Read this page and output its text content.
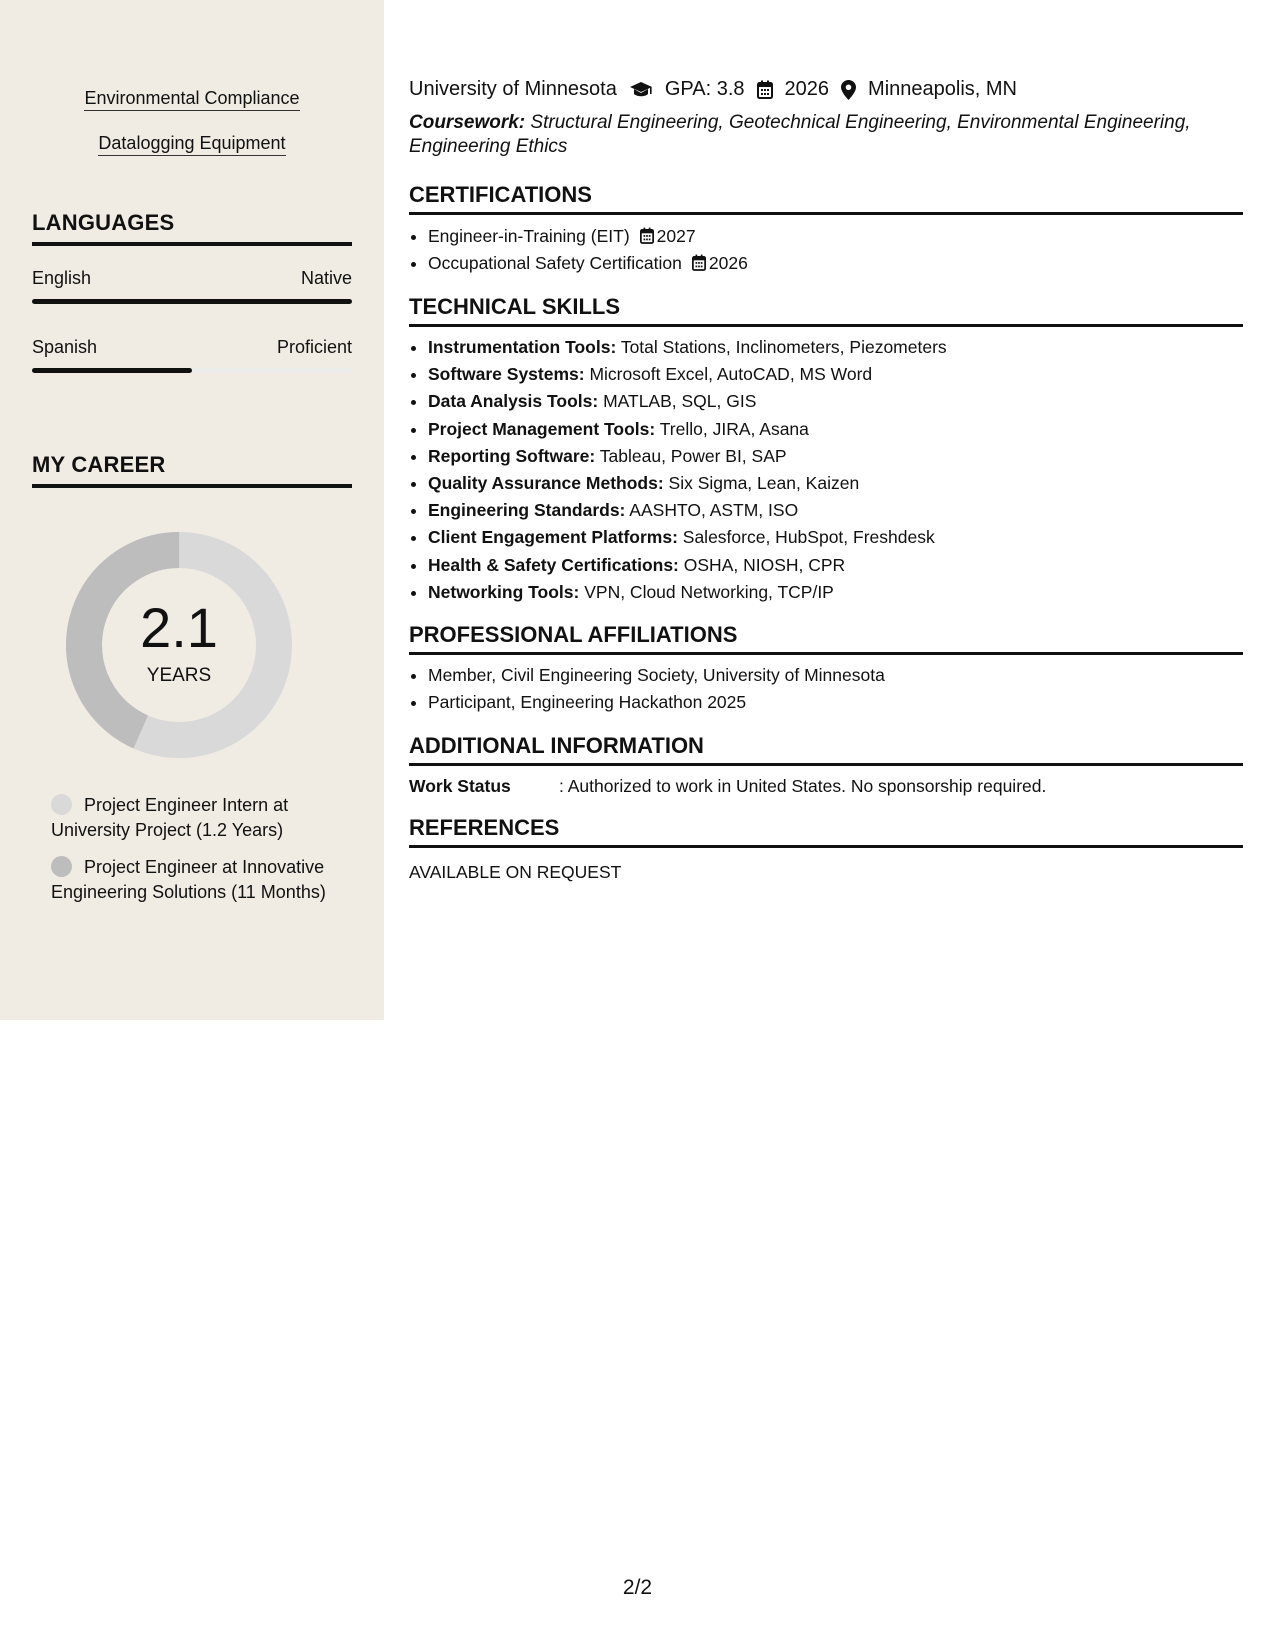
Environmental Compliance
Datalogging Equipment
LANGUAGES
English	Native
Spanish	Proficient
MY CAREER
2.1
YEARS
Project Engineer Intern at University Project (1.2 Years)
Project Engineer at Innovative Engineering Solutions (11 Months)
University of Minnesota GPA: 3.8 2026 Minneapolis, MN
Coursework: Structural Engineering, Geotechnical Engineering, Environmental Engineering, Engineering Ethics
CERTIFICATIONS
• Engineer-in-Training (EIT) 2027
• Occupational Safety Certification 2026
TECHNICAL SKILLS
• Instrumentation Tools: Total Stations, Inclinometers, Piezometers
• Software Systems: Microsoft Excel, AutoCAD, MS Word
• Data Analysis Tools: MATLAB, SQL, GIS
• Project Management Tools: Trello, JIRA, Asana
• Reporting Software: Tableau, Power BI, SAP
• Quality Assurance Methods: Six Sigma, Lean, Kaizen
• Engineering Standards: AASHTO, ASTM, ISO
• Client Engagement Platforms: Salesforce, HubSpot, Freshdesk
• Health & Safety Certifications: OSHA, NIOSH, CPR
• Networking Tools: VPN, Cloud Networking, TCP/IP
PROFESSIONAL AFFILIATIONS
• Member, Civil Engineering Society, University of Minnesota
• Participant, Engineering Hackathon 2025
ADDITIONAL INFORMATION
Work Status	: Authorized to work in United States. No sponsorship required.
REFERENCES
AVAILABLE ON REQUEST
2/2
